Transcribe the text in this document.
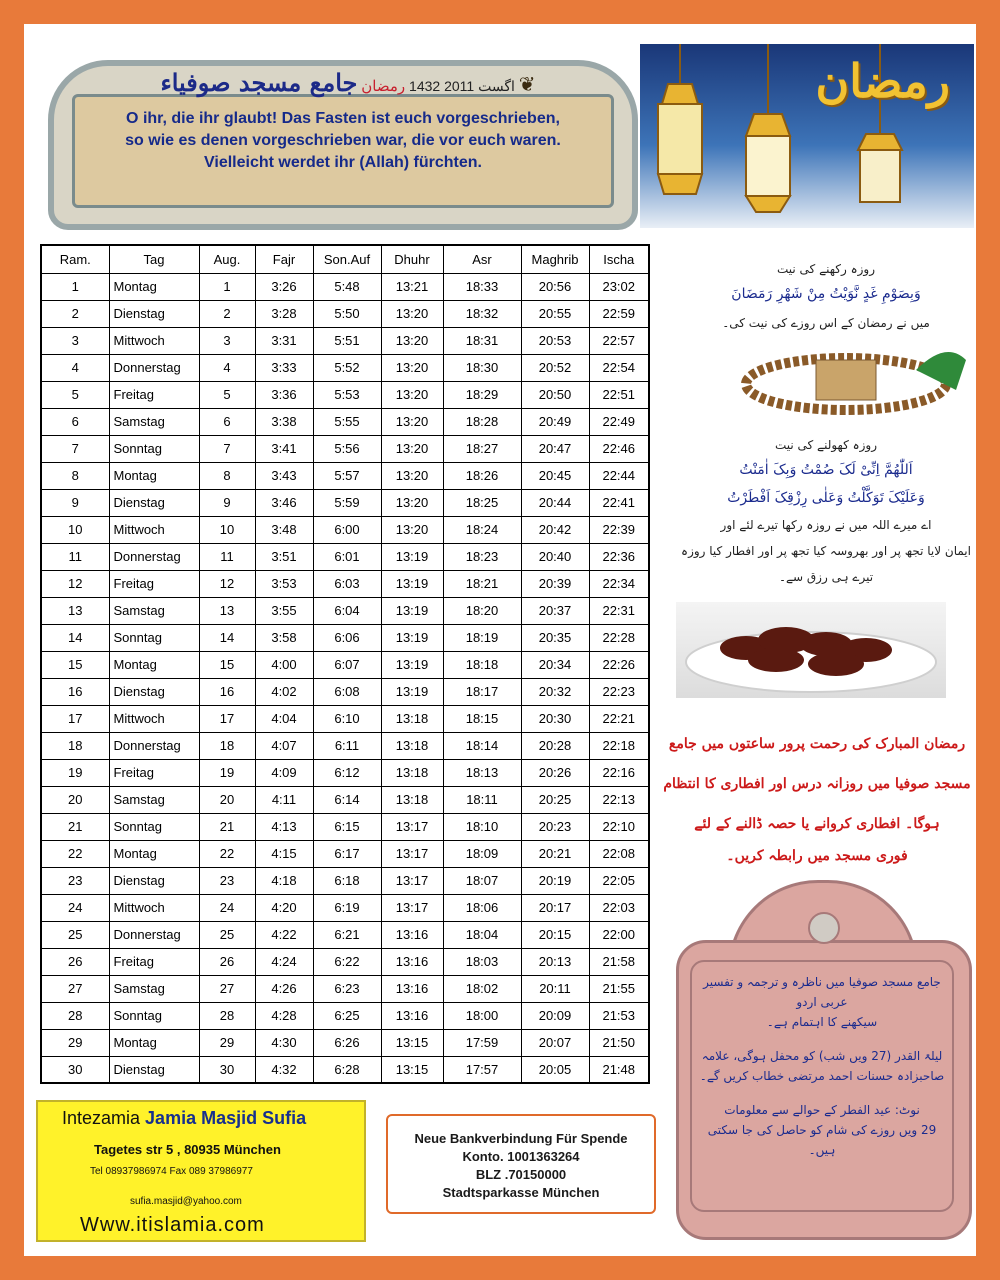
اگست 2011 1432 رمضان جامع مسجد صوفیاء	❦
O ihr, die ihr glaubt! Das Fasten ist euch vorgeschrieben,
so wie es denen vorgeschrieben war, die vor euch waren.
Vielleicht werdet ihr (Allah) fürchten.
رمضان
Ram.	Tag	Aug.	Fajr	Son.Auf	Dhuhr	Asr	Maghrib	Ischa
1	Montag	1	3:26	5:48	13:21	18:33	20:56	23:02
2	Dienstag	2	3:28	5:50	13:20	18:32	20:55	22:59
3	Mittwoch	3	3:31	5:51	13:20	18:31	20:53	22:57
4	Donnerstag	4	3:33	5:52	13:20	18:30	20:52	22:54
5	Freitag	5	3:36	5:53	13:20	18:29	20:50	22:51
6	Samstag	6	3:38	5:55	13:20	18:28	20:49	22:49
7	Sonntag	7	3:41	5:56	13:20	18:27	20:47	22:46
8	Montag	8	3:43	5:57	13:20	18:26	20:45	22:44
9	Dienstag	9	3:46	5:59	13:20	18:25	20:44	22:41
10	Mittwoch	10	3:48	6:00	13:20	18:24	20:42	22:39
11	Donnerstag	11	3:51	6:01	13:19	18:23	20:40	22:36
12	Freitag	12	3:53	6:03	13:19	18:21	20:39	22:34
13	Samstag	13	3:55	6:04	13:19	18:20	20:37	22:31
14	Sonntag	14	3:58	6:06	13:19	18:19	20:35	22:28
15	Montag	15	4:00	6:07	13:19	18:18	20:34	22:26
16	Dienstag	16	4:02	6:08	13:19	18:17	20:32	22:23
17	Mittwoch	17	4:04	6:10	13:18	18:15	20:30	22:21
18	Donnerstag	18	4:07	6:11	13:18	18:14	20:28	22:18
19	Freitag	19	4:09	6:12	13:18	18:13	20:26	22:16
20	Samstag	20	4:11	6:14	13:18	18:11	20:25	22:13
21	Sonntag	21	4:13	6:15	13:17	18:10	20:23	22:10
22	Montag	22	4:15	6:17	13:17	18:09	20:21	22:08
23	Dienstag	23	4:18	6:18	13:17	18:07	20:19	22:05
24	Mittwoch	24	4:20	6:19	13:17	18:06	20:17	22:03
25	Donnerstag	25	4:22	6:21	13:16	18:04	20:15	22:00
26	Freitag	26	4:24	6:22	13:16	18:03	20:13	21:58
27	Samstag	27	4:26	6:23	13:16	18:02	20:11	21:55
28	Sonntag	28	4:28	6:25	13:16	18:00	20:09	21:53
29	Montag	29	4:30	6:26	13:15	17:59	20:07	21:50
30	Dienstag	30	4:32	6:28	13:15	17:57	20:05	21:48
روزہ رکھنے کی نیت
وَبِصَوْمِ غَدٍ نَّوَيْتُ مِنْ شَهْرِ رَمَضَانَ
میں نے رمضان کے اس روزے کی نیت کی۔
روزہ کھولنے کی نیت
اَللّٰهُمَّ اِنِّیْ لَکَ صُمْتُ وَبِکَ اٰمَنْتُ
وَعَلَیْکَ تَوَکَّلْتُ وَعَلٰی رِزْقِکَ اَفْطَرْتُ
اے میرے اللہ میں نے روزہ رکھا تیرے لئے اور
ایمان لایا تجھ پر اور بھروسہ کیا تجھ پر اور افطار کیا روزہ
تیرے ہی رزق سے۔
رمضان المبارک کی رحمت پرور ساعتوں میں جامع
مسجد صوفیا میں روزانہ درس اور افطاری کا انتظام
ہوگا۔ افطاری کروانے یا حصہ ڈالنے کے لئے
فوری مسجد میں رابطہ کریں۔
جامع مسجد صوفیا میں ناظرہ و ترجمہ و تفسیر عربی اردو
سیکھنے کا اہتمام ہے۔
لیلۃ القدر (27 ویں شب) کو محفل ہوگی، علامہ
صاحبزادہ حسنات احمد مرتضی خطاب کریں گے۔
نوٹ: عید الفطر کے حوالے سے معلومات
29 ویں روزے کی شام کو حاصل کی جا سکتی ہیں۔
Intezamia Jamia Masjid Sufia
Tagetes str 5 , 80935 München
Tel 08937986974 Fax 089 37986977
sufia.masjid@yahoo.com
Www.itislamia.com
Neue Bankverbindung Für Spende
Konto. 1001363264
BLZ .70150000
Stadtsparkasse München
